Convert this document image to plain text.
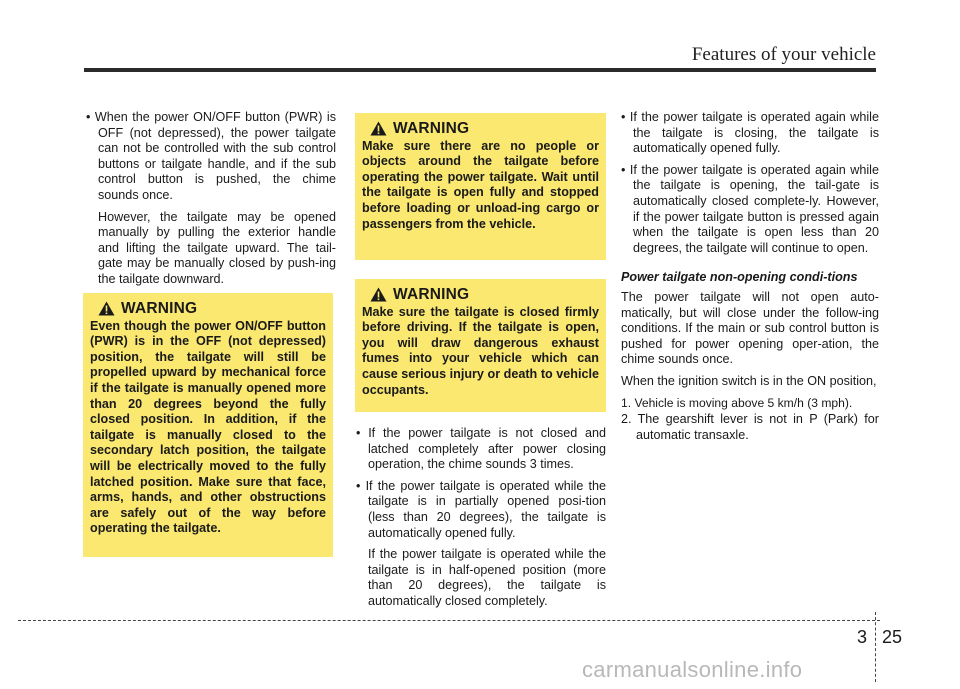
Features of your vehicle

• When the power ON/OFF button (PWR) is OFF (not depressed), the power tailgate can not be controlled with the sub control buttons or tailgate handle, and if the sub control button is pushed, the chime sounds once.

However, the tailgate may be opened manually by pulling the exterior handle and lifting the tailgate upward. The tail-gate may be manually closed by push-ing the tailgate downward.

WARNING
Even though the power ON/OFF button (PWR) is in the OFF (not depressed) position, the tailgate will still be propelled upward by mechanical force if the tailgate is manually opened more than 20 degrees beyond the fully closed position. In addition, if the tailgate is manually closed to the secondary latch position, the tailgate will be electrically moved to the fully latched position. Make sure that face, arms, hands, and other obstructions are safely out of the way before operating the tailgate.
WARNING
Make sure there are no people or objects around the tailgate before operating the power tailgate. Wait until the tailgate is open fully and stopped before loading or unload-ing cargo or passengers from the vehicle.
WARNING
Make sure the tailgate is closed firmly before driving. If the tailgate is open, you will draw dangerous exhaust fumes into your vehicle which can cause serious injury or death to vehicle occupants.

• If the power tailgate is not closed and latched completely after power closing operation, the chime sounds 3 times.

• If the power tailgate is operated while the tailgate is in partially opened posi-tion (less than 20 degrees), the tailgate is automatically opened fully.

If the power tailgate is operated while the tailgate is in half-opened position (more than 20 degrees), the tailgate is automatically closed completely.

• If the power tailgate is operated again while the tailgate is closing, the tailgate is automatically opened fully.

• If the power tailgate is operated again while the tailgate is opening, the tail-gate is automatically closed complete-ly. However, if the power tailgate button is pressed again when the tailgate is open less than 20 degrees, the tailgate will continue to open.

Power tailgate non-opening condi-tions

The power tailgate will not open auto-matically, but will close under the follow-ing conditions. If the main or sub control button is pushed for power opening oper-ation, the chime sounds once.

When the ignition switch is in the ON position,

1. Vehicle is moving above 5 km/h (3 mph).

2. The gearshift lever is not in P (Park) for automatic transaxle.

3 25
carmanualsonline.info
